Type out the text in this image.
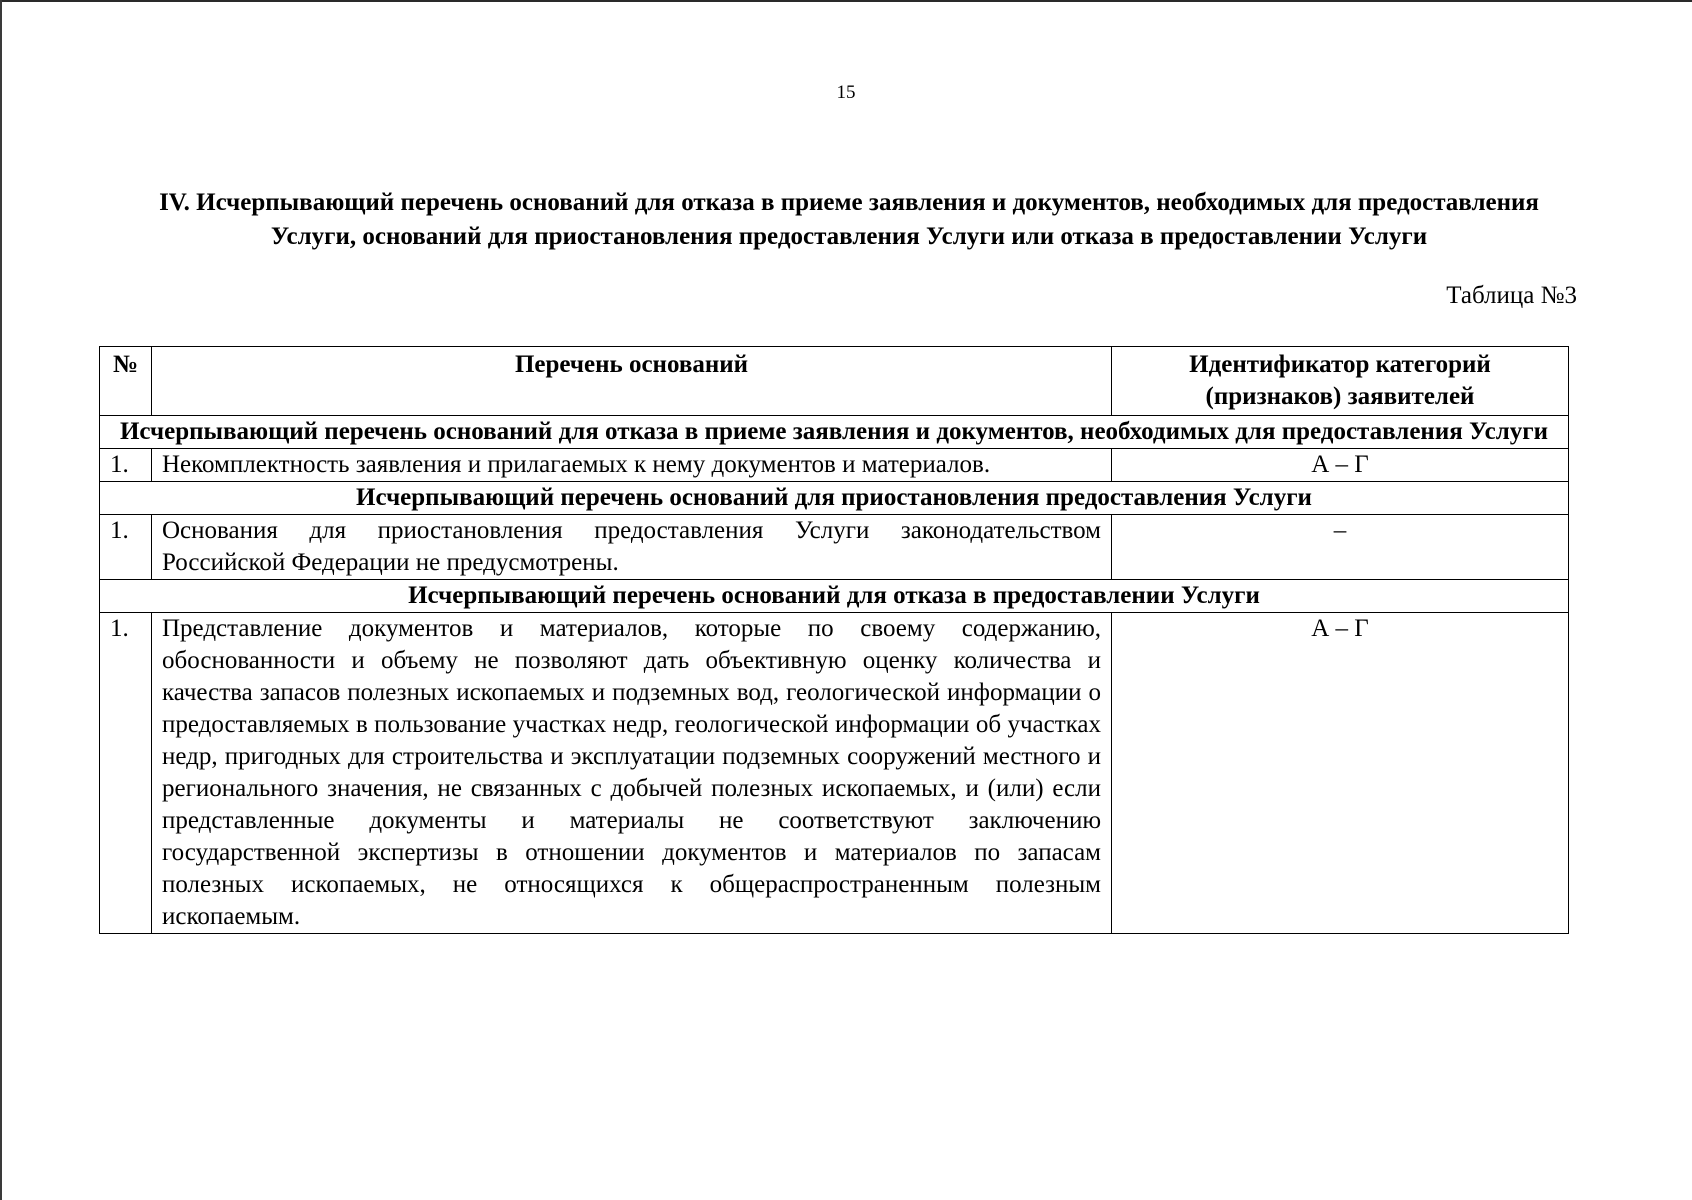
15
IV. Исчерпывающий перечень оснований для отказа в приеме заявления и документов, необходимых для предоставления Услуги, оснований для приостановления предоставления Услуги или отказа в предоставлении Услуги
Таблица №3
№	Перечень оснований	Идентификатор категорий (признаков) заявителей
Исчерпывающий перечень оснований для отказа в приеме заявления и документов, необходимых для предоставления Услуги		
1.	Некомплектность заявления и прилагаемых к нему документов и материалов.	А – Г
Исчерпывающий перечень оснований для приостановления предоставления Услуги		
1.	Основания для приостановления предоставления Услуги законодательством Российской Федерации не предусмотрены.	–
Исчерпывающий перечень оснований для отказа в предоставлении Услуги		
1.	Представление документов и материалов, которые по своему содержанию, обоснованности и объему не позволяют дать объективную оценку количества и качества запасов полезных ископаемых и подземных вод, геологической информации о предоставляемых в пользование участках недр, геологической информации об участках недр, пригодных для строительства и эксплуатации подземных сооружений местного и регионального значения, не связанных с добычей полезных ископаемых, и (или) если представленные документы и материалы не соответствуют заключению государственной экспертизы в отношении документов и материалов по запасам полезных ископаемых, не относящихся к общераспространенным полезным ископаемым.	А – Г
